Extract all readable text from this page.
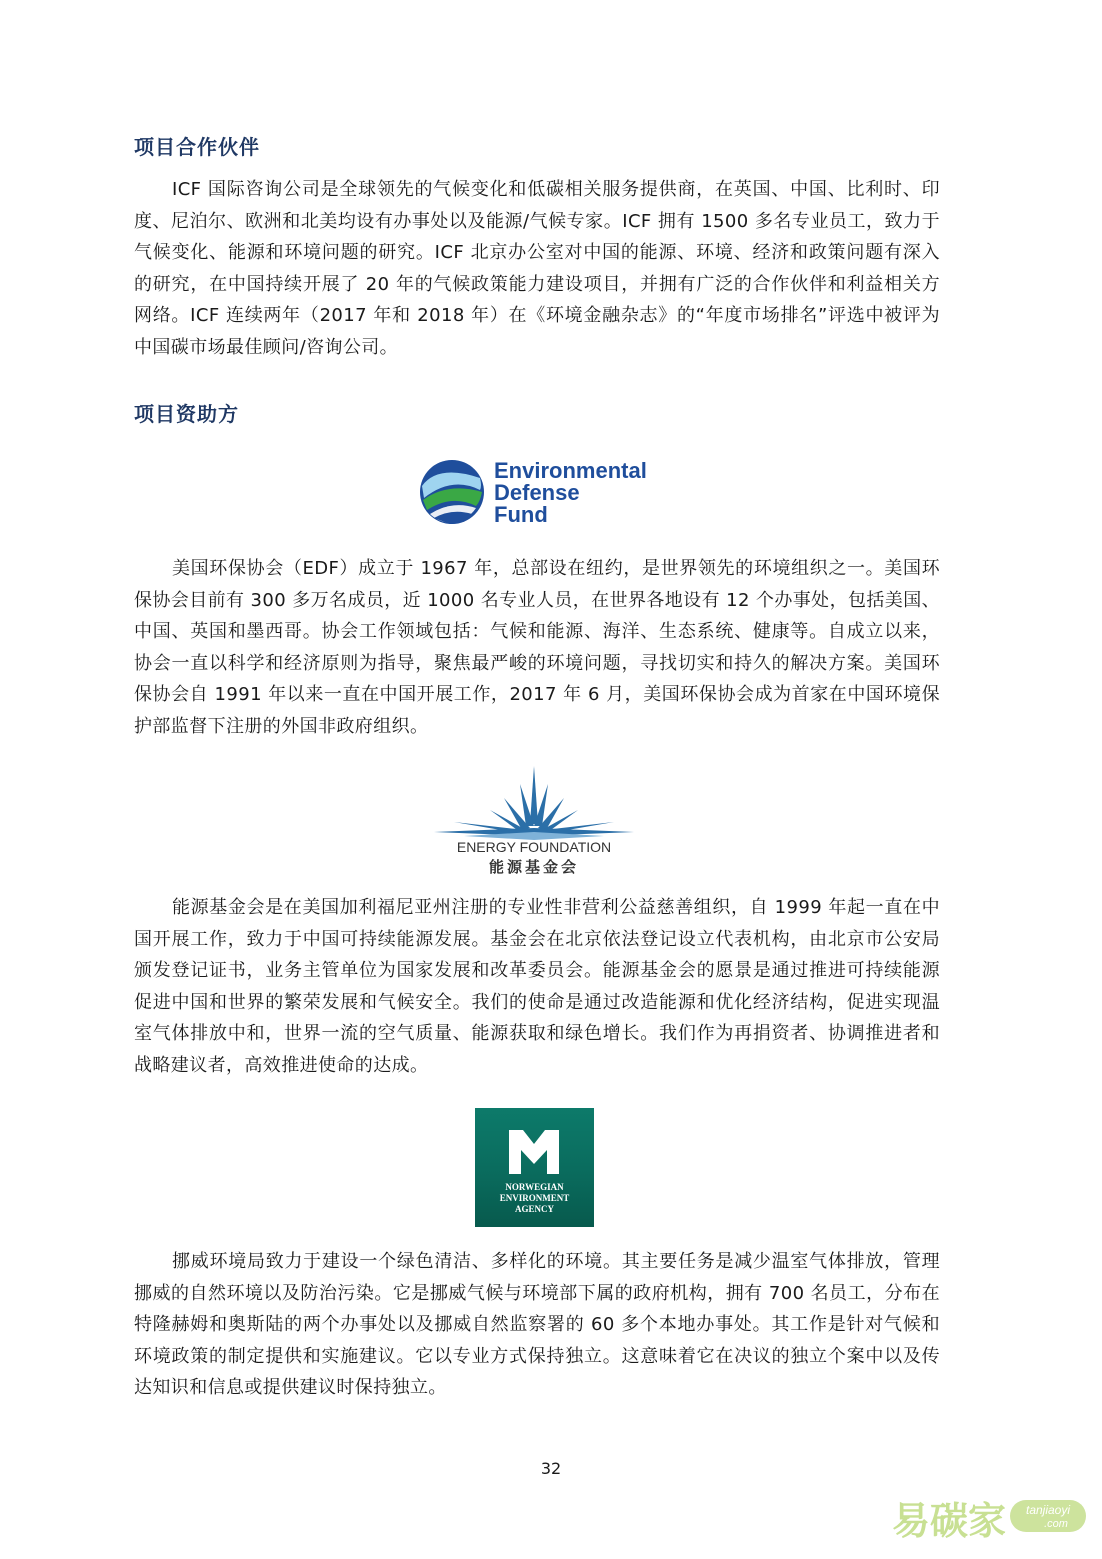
项目合作伙伴

ICF 国际咨询公司是全球领先的气候变化和低碳相关服务提供商，在英国、中国、比利时、印度、尼泊尔、欧洲和北美均设有办事处以及能源/气候专家。ICF 拥有 1500 多名专业员工，致力于气候变化、能源和环境问题的研究。ICF 北京办公室对中国的能源、环境、经济和政策问题有深入的研究，在中国持续开展了 20 年的气候政策能力建设项目，并拥有广泛的合作伙伴和利益相关方网络。ICF 连续两年（2017 年和 2018 年）在《环境金融杂志》的“年度市场排名”评选中被评为中国碳市场最佳顾问/咨询公司。

项目资助方
Environmental
Defense
Fund

美国环保协会（EDF）成立于 1967 年，总部设在纽约，是世界领先的环境组织之一。美国环保协会目前有 300 多万名成员，近 1000 名专业人员，在世界各地设有 12 个办事处，包括美国、中国、英国和墨西哥。协会工作领域包括：气候和能源、海洋、生态系统、健康等。自成立以来，协会一直以科学和经济原则为指导，聚焦最严峻的环境问题，寻找切实和持久的解决方案。美国环保协会自 1991 年以来一直在中国开展工作，2017 年 6 月，美国环保协会成为首家在中国环境保护部监督下注册的外国非政府组织。

ENERGY FOUNDATION
能源基金会

能源基金会是在美国加利福尼亚州注册的专业性非营利公益慈善组织，自 1999 年起一直在中国开展工作，致力于中国可持续能源发展。基金会在北京依法登记设立代表机构，由北京市公安局颁发登记证书，业务主管单位为国家发展和改革委员会。能源基金会的愿景是通过推进可持续能源促进中国和世界的繁荣发展和气候安全。我们的使命是通过改造能源和优化经济结构，促进实现温室气体排放中和，世界一流的空气质量、能源获取和绿色增长。我们作为再捐资者、协调推进者和战略建议者，高效推进使命的达成。

NORWEGIAN
ENVIRONMENT
AGENCY

挪威环境局致力于建设一个绿色清洁、多样化的环境。其主要任务是减少温室气体排放，管理挪威的自然环境以及防治污染。它是挪威气候与环境部下属的政府机构，拥有 700 名员工，分布在特隆赫姆和奥斯陆的两个办事处以及挪威自然监察署的 60 多个本地办事处。其工作是针对气候和环境政策的制定提供和实施建议。它以专业方式保持独立。这意味着它在决议的独立个案中以及传达知识和信息或提供建议时保持独立。

32
易碳家 tanjiaoyi
.com
